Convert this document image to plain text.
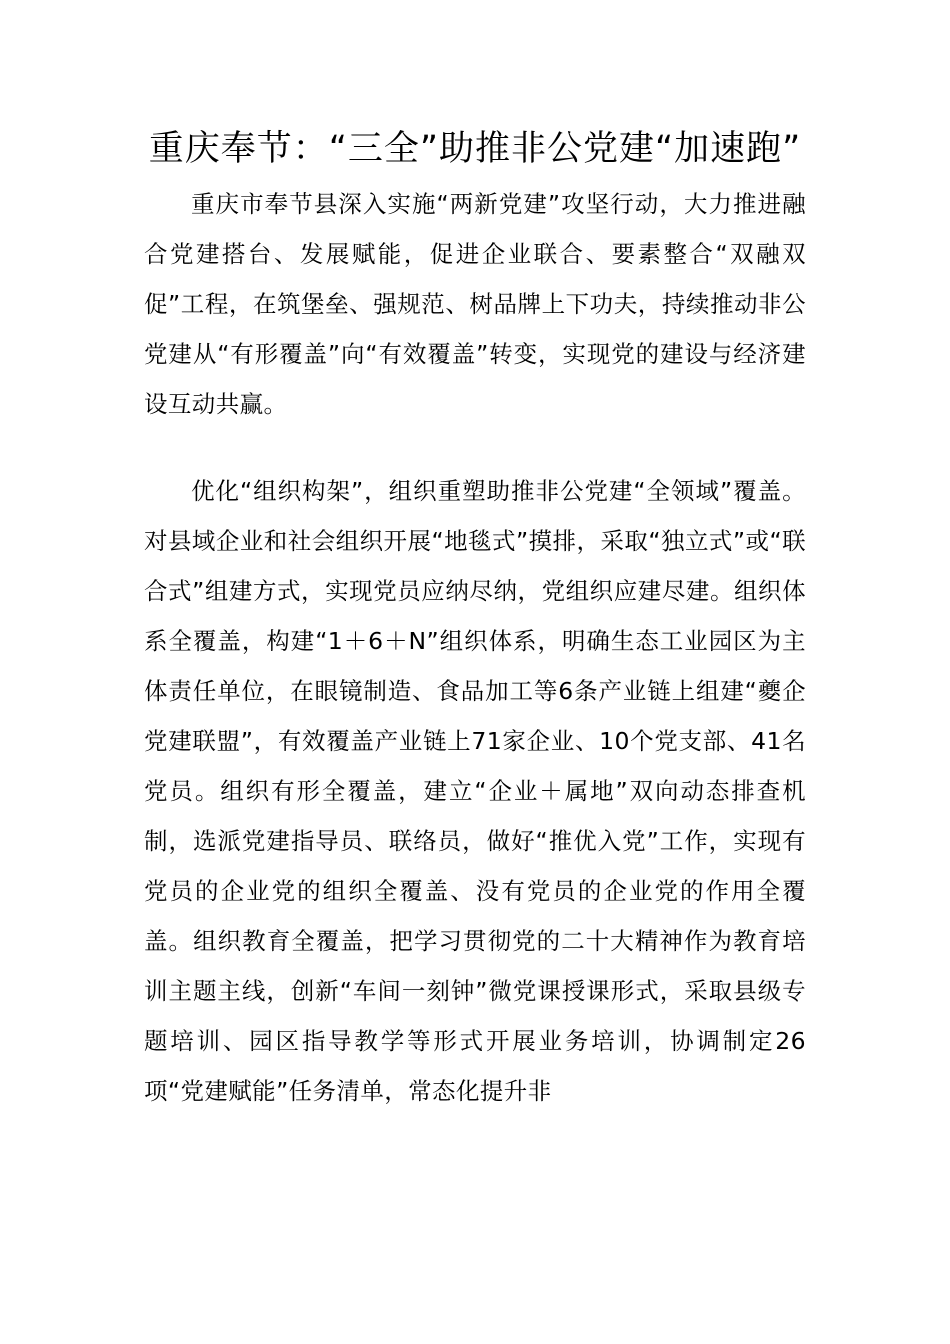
重庆奉节：“三全”助推非公党建“加速跑”

重庆市奉节县深入实施“两新党建”攻坚行动，大力推进融合党建搭台、发展赋能，促进企业联合、要素整合“双融双促”工程，在筑堡垒、强规范、树品牌上下功夫，持续推动非公党建从“有形覆盖”向“有效覆盖”转变，实现党的建设与经济建设互动共赢。

优化“组织构架”，组织重塑助推非公党建“全领域”覆盖。对县域企业和社会组织开展“地毯式”摸排，采取“独立式”或“联合式”组建方式，实现党员应纳尽纳，党组织应建尽建。组织体系全覆盖，构建“1＋6＋N”组织体系，明确生态工业园区为主体责任单位，在眼镜制造、食品加工等6条产业链上组建“夔企党建联盟”，有效覆盖产业链上71家企业、10个党支部、41名党员。组织有形全覆盖，建立“企业＋属地”双向动态排查机制，选派党建指导员、联络员，做好“推优入党”工作，实现有党员的企业党的组织全覆盖、没有党员的企业党的作用全覆盖。组织教育全覆盖，把学习贯彻党的二十大精神作为教育培训主题主线，创新“车间一刻钟”微党课授课形式，采取县级专题培训、园区指导教学等形式开展业务培训，协调制定26项“党建赋能”任务清单，常态化提升非
